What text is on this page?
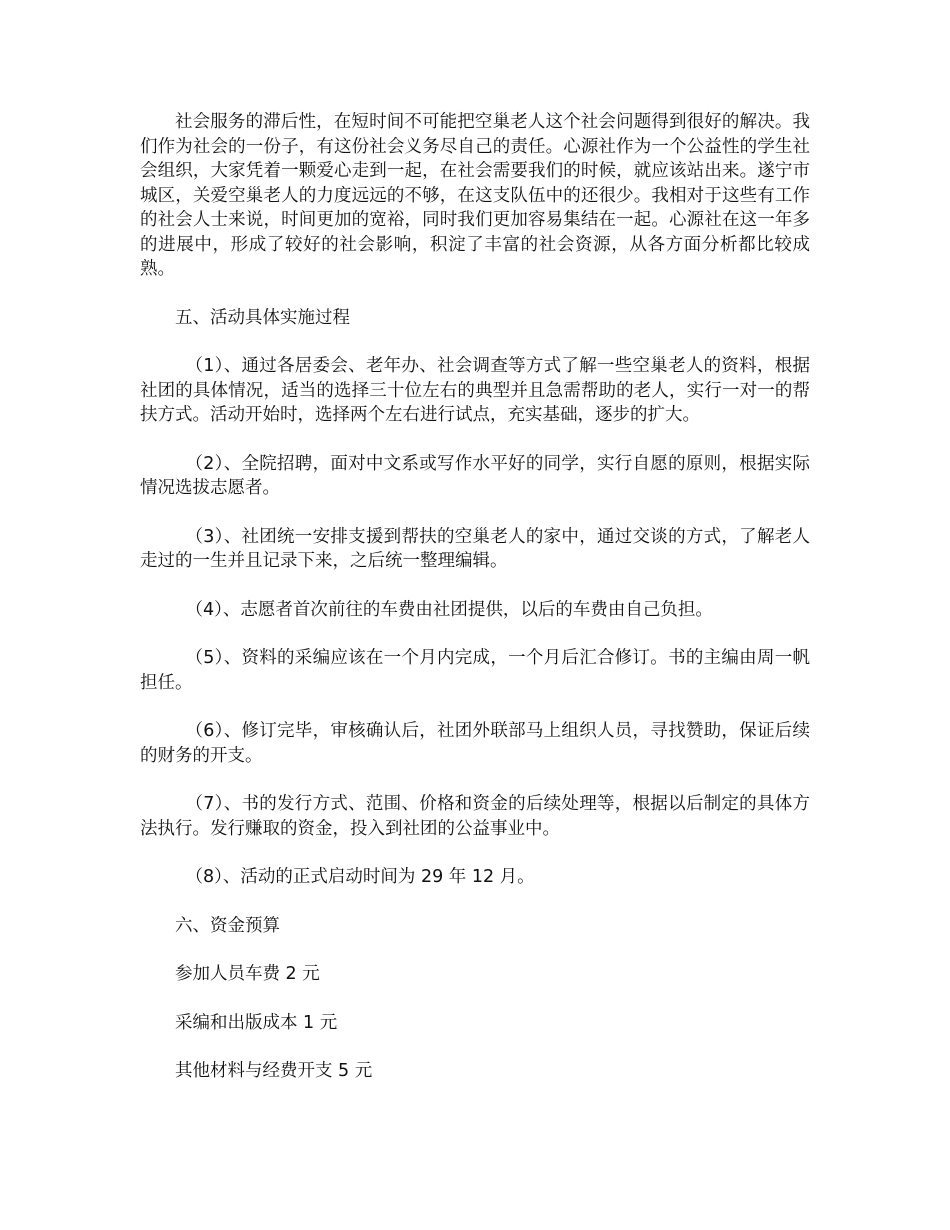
社会服务的滞后性，在短时间不可能把空巢老人这个社会问题得到很好的解决。我们作为社会的一份子，有这份社会义务尽自己的责任。心源社作为一个公益性的学生社会组织，大家凭着一颗爱心走到一起，在社会需要我们的时候，就应该站出来。遂宁市城区，关爱空巢老人的力度远远的不够，在这支队伍中的还很少。我相对于这些有工作的社会人士来说，时间更加的宽裕，同时我们更加容易集结在一起。心源社在这一年多的进展中，形成了较好的社会影响，积淀了丰富的社会资源，从各方面分析都比较成熟。

五、活动具体实施过程

（1）、通过各居委会、老年办、社会调查等方式了解一些空巢老人的资料，根据社团的具体情况，适当的选择三十位左右的典型并且急需帮助的老人，实行一对一的帮扶方式。活动开始时，选择两个左右进行试点，充实基础，逐步的扩大。

（2）、全院招聘，面对中文系或写作水平好的同学，实行自愿的原则，根据实际情况选拔志愿者。

（3）、社团统一安排支援到帮扶的空巢老人的家中，通过交谈的方式，了解老人走过的一生并且记录下来，之后统一整理编辑。

（4）、志愿者首次前往的车费由社团提供，以后的车费由自己负担。

（5）、资料的采编应该在一个月内完成，一个月后汇合修订。书的主编由周一帆担任。

（6）、修订完毕，审核确认后，社团外联部马上组织人员，寻找赞助，保证后续的财务的开支。

（7）、书的发行方式、范围、价格和资金的后续处理等，根据以后制定的具体方法执行。发行赚取的资金，投入到社团的公益事业中。

（8）、活动的正式启动时间为 29 年 12 月。

六、资金预算

参加人员车费 2 元

采编和出版成本 1 元

其他材料与经费开支 5 元
